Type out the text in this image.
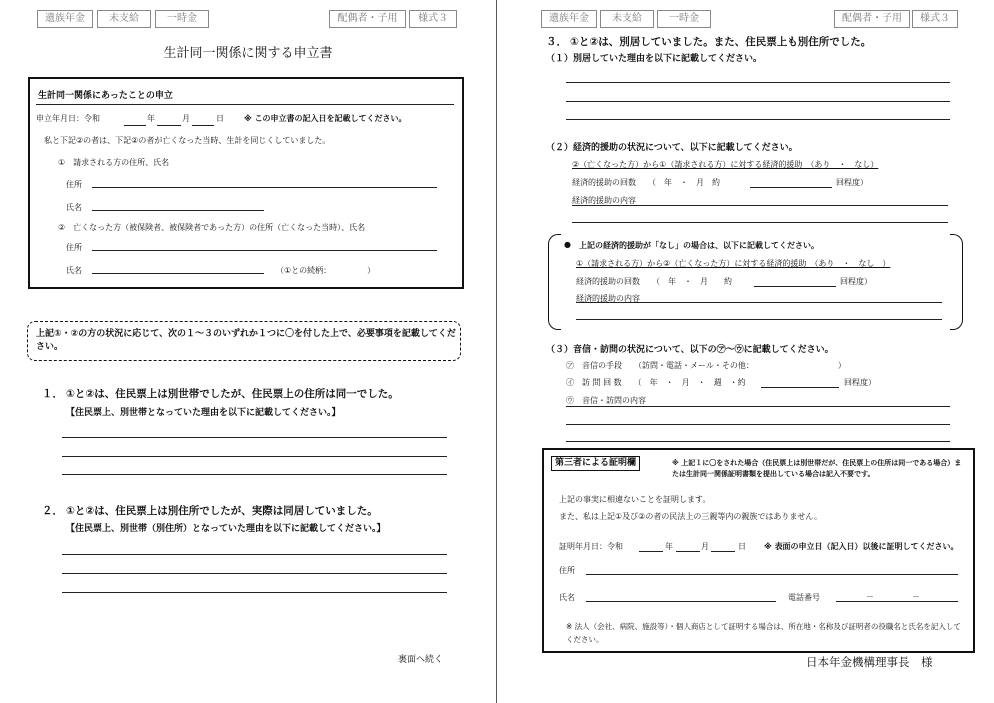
遺族年金	未支給	一時金	配偶者・子用	様式３
生計同一関係に関する申立書
生計同一関係にあったことの申立
申立年月日：令和	年	月	日	※ この申立書の記入日を記載してください。
私と下記②の者は、下記②の者が亡くなった当時、生計を同じくしていました。
①　請求される方の住所、氏名
住所
氏名
②　亡くなった方（被保険者、被保険者であった方）の住所（亡くなった当時）、氏名
住所
氏名	（①との続柄：　　　　　）
上記①・②の方の状況に応じて、次の１～３のいずれか１つに〇を付した上で、必要事項を記載してください。
１． ①と②は、住民票上は別世帯でしたが、住民票上の住所は同一でした。
【住民票上、別世帯となっていた理由を以下に記載してください。】
２． ①と②は、住民票上は別住所でしたが、実際は同居していました。
【住民票上、別世帯（別住所）となっていた理由を以下に記載してください。】
裏面へ続く
遺族年金	未支給	一時金	配偶者・子用	様式３
３． ①と②は、別居していました。また、住民票上も別住所でした。
（１）別居していた理由を以下に記載してください。
（２）経済的援助の状況について、以下に記載してください。
②（亡くなった方）から①（請求される方）に対する経済的援助　（あり　・　なし）
経済的援助の回数　　（　年　・　月　約	回程度）
経済的援助の内容
● 上記の経済的援助が「なし」の場合は、以下に記載してください。
①（請求される方）から②（亡くなった方）に対する経済的援助　（あり　・　なし　）
経済的援助の回数　　（　年　・　月　　約	回程度）
経済的援助の内容
（３）音信・訪問の状況について、以下の㋐～㋒に記載してください。
㋐　音信の手段　　（訪問・電話・メール・その他：　　　　　　　　　　　）
㋑　訪 問 回 数　　（　年　・　月　・　週　・約	回程度）
㋒　音信・訪問の内容
第三者による証明欄	※ 上記１に〇をされた場合（住民票上は別世帯だが、住民票上の住所は同一である場合）または生計同一関係証明書類を提出している場合は記入不要です。
上記の事実に相違ないことを証明します。
また、私は上記①及び②の者の民法上の三親等内の親族ではありません。
証明年月日：令和	年	月	日 ※ 表面の申立日（記入日）以後に証明してください。
住所
氏名	電話番号	－	－
※ 法人（会社、病院、施設等）・個人商店として証明する場合は、所在地・名称及び証明者の役職名と氏名を記入してください。
日本年金機構理事長　様
